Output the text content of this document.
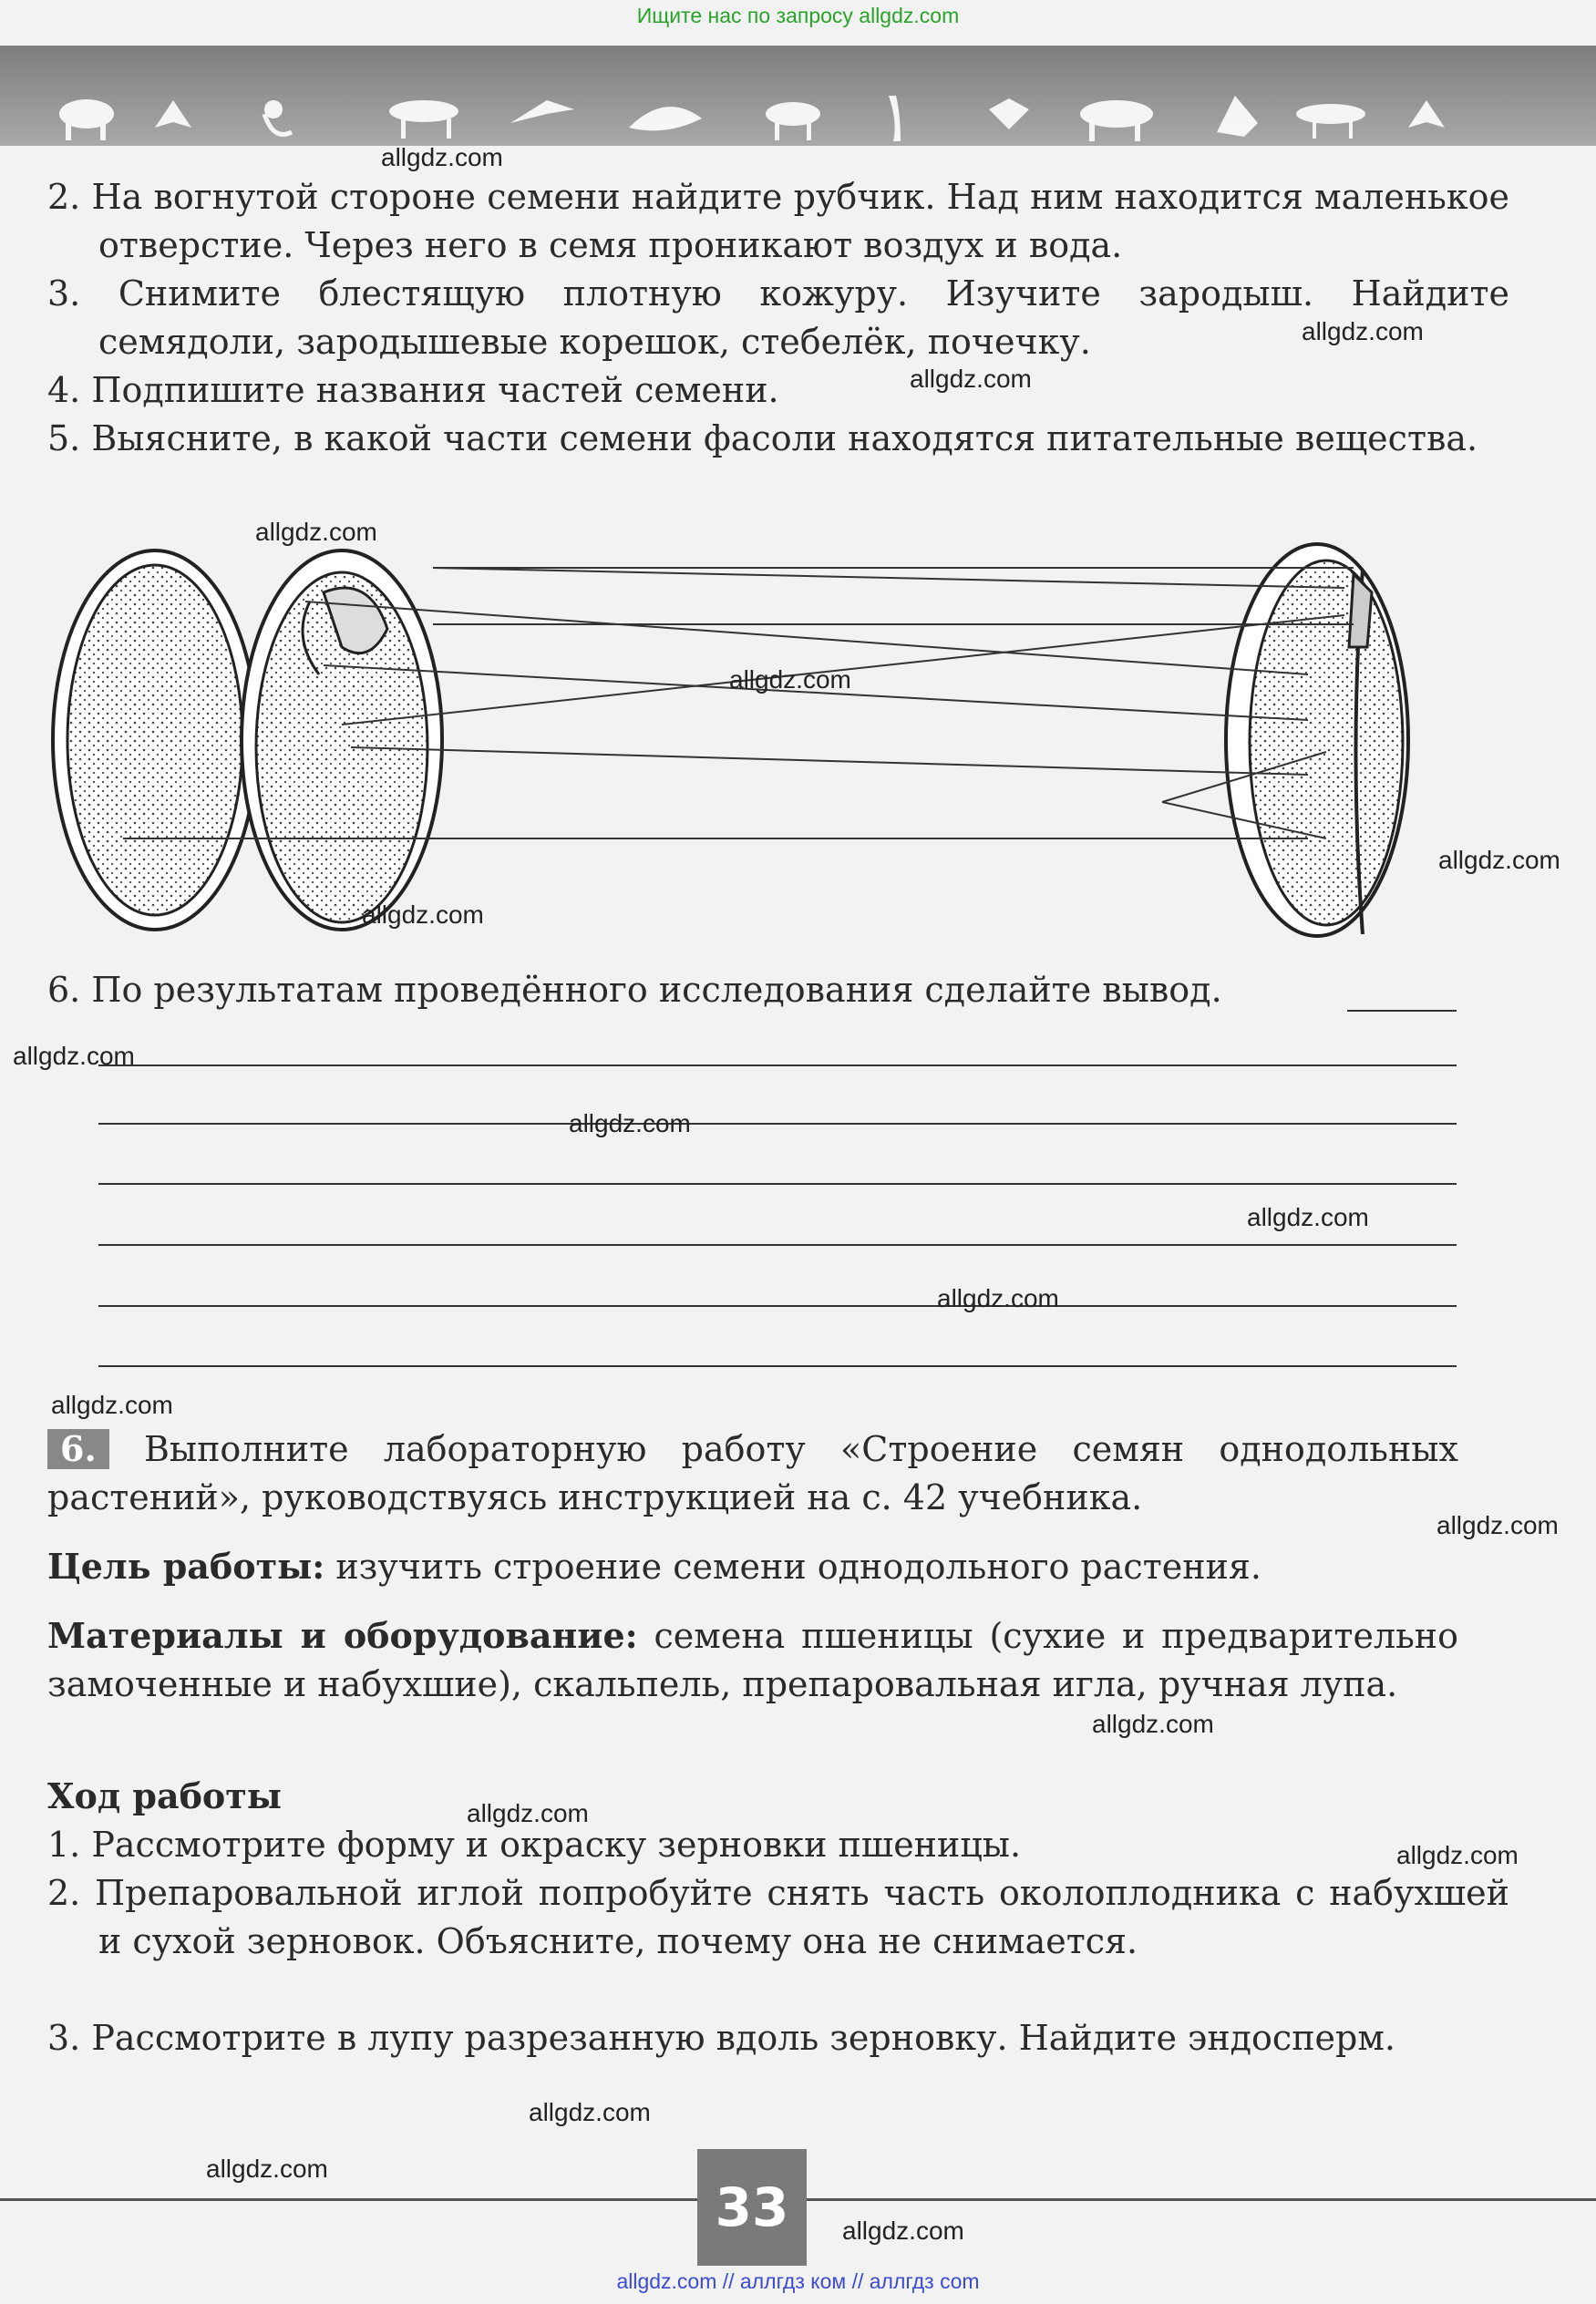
Ищите нас по запросу allgdz.com

2. На вогнутой стороне семени найдите рубчик. Над ним находится маленькое отверстие. Через него в семя проникают воздух и вода.

3. Снимите блестящую плотную кожуру. Изучите зародыш. Найдите семядоли, зародышевые корешок, стебелёк, почечку.

4. Подпишите названия частей семени.

5. Выясните, в какой части семени фасоли находятся питательные вещества.

6. По результатам проведённого исследования сделайте вывод.

6. Выполните лабораторную работу «Строение семян однодольных растений», руководствуясь инструкцией на с. 42 учебника.

Цель работы: изучить строение семени однодольного растения.

Материалы и оборудование: семена пшеницы (сухие и предварительно замоченные и набухшие), скальпель, препаровальная игла, ручная лупа.

Ход работы

1. Рассмотрите форму и окраску зерновки пшеницы.

2. Препаровальной иглой попробуйте снять часть околоплодника с набухшей и сухой зерновок. Объясните, почему она не снимается.

3. Рассмотрите в лупу разрезанную вдоль зерновку. Найдите эндосперм.

33
allgdz.com // аллгдз ком // аллгдз com
allgdz.com
allgdz.com
allgdz.com
allgdz.com
allgdz.com
allgdz.com
allgdz.com
allgdz.com
allgdz.com
allgdz.com
allgdz.com
allgdz.com
allgdz.com
allgdz.com
allgdz.com
allgdz.com
allgdz.com
allgdz.com
allgdz.com
